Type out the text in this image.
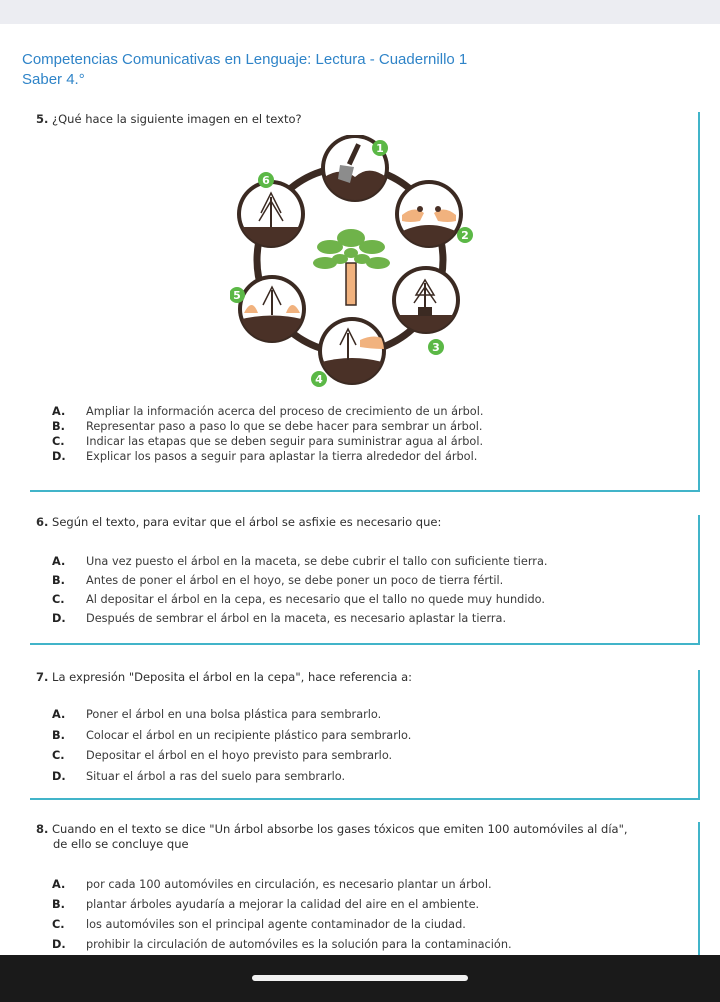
Competencias Comunicativas en Lenguaje: Lectura - Cuadernillo 1
Saber 4.°
5. ¿Qué hace la siguiente imagen en el texto?
1
2
3
4
5
6
A.	Ampliar la información acerca del proceso de crecimiento de un árbol.
B.	Representar paso a paso lo que se debe hacer para sembrar un árbol.
C.	Indicar las etapas que se deben seguir para suministrar agua al árbol.
D.	Explicar los pasos a seguir para aplastar la tierra alrededor del árbol.
6. Según el texto, para evitar que el árbol se asfixie es necesario que:
A.	Una vez puesto el árbol en la maceta, se debe cubrir el tallo con suficiente tierra.
B.	Antes de poner el árbol en el hoyo, se debe poner un poco de tierra fértil.
C.	Al depositar el árbol en la cepa, es necesario que el tallo no quede muy hundido.
D.	Después de sembrar el árbol en la maceta, es necesario aplastar la tierra.
7. La expresión "Deposita el árbol en la cepa", hace referencia a:
A.	Poner el árbol en una bolsa plástica para sembrarlo.
B.	Colocar el árbol en un recipiente plástico para sembrarlo.
C.	Depositar el árbol en el hoyo previsto para sembrarlo.
D.	Situar el árbol a ras del suelo para sembrarlo.
8. Cuando en el texto se dice "Un árbol absorbe los gases tóxicos que emiten 100 automóviles al día",
de ello se concluye que
A.	por cada 100 automóviles en circulación, es necesario plantar un árbol.
B.	plantar árboles ayudaría a mejorar la calidad del aire en el ambiente.
C.	los automóviles son el principal agente contaminador de la ciudad.
D.	prohibir la circulación de automóviles es la solución para la contaminación.
